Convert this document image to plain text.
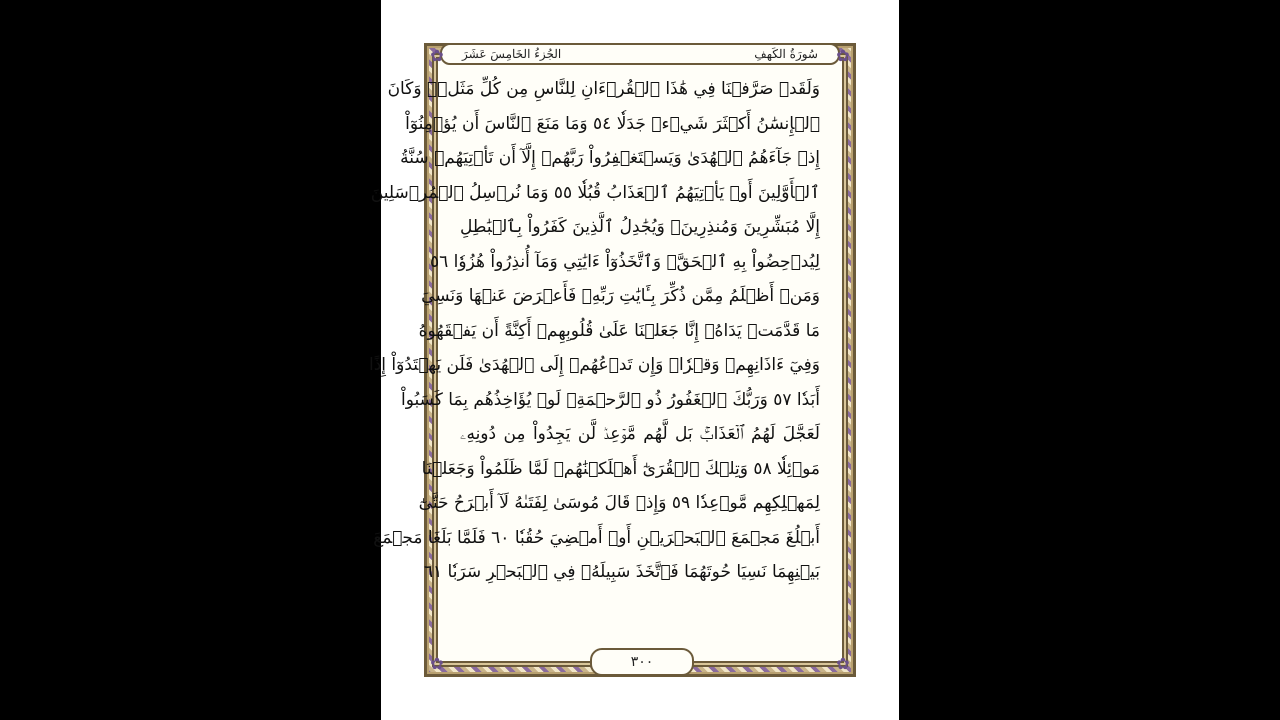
سُورَةُ الكَهفِ
الجُزءُ الخَامِسَ عَشَرَ
وَلَقَدۡ صَرَّفۡنَا فِي هَٰذَا ٱلۡقُرۡءَانِ لِلنَّاسِ مِن كُلِّ مَثَلٖۚ وَكَانَ
ٱلۡإِنسَٰنُ أَكۡثَرَ شَيۡءٖ جَدَلٗا ٥٤ وَمَا مَنَعَ ٱلنَّاسَ أَن يُؤۡمِنُوٓاْ
إِذۡ جَآءَهُمُ ٱلۡهُدَىٰ وَيَسۡتَغۡفِرُواْ رَبَّهُمۡ إِلَّآ أَن تَأۡتِيَهُمۡ سُنَّةُ
ٱلۡأَوَّلِينَ أَوۡ يَأۡتِيَهُمُ ٱلۡعَذَابُ قُبُلٗا ٥٥ وَمَا نُرۡسِلُ ٱلۡمُرۡسَلِينَ
إِلَّا مُبَشِّرِينَ وَمُنذِرِينَۚ وَيُجَٰدِلُ ٱلَّذِينَ كَفَرُواْ بِٱلۡبَٰطِلِ
لِيُدۡحِضُواْ بِهِ ٱلۡحَقَّۖ وَٱتَّخَذُوٓاْ ءَايَٰتِي وَمَآ أُنذِرُواْ هُزُوٗا ٥٦
وَمَنۡ أَظۡلَمُ مِمَّن ذُكِّرَ بِـَٔايَٰتِ رَبِّهِۦ فَأَعۡرَضَ عَنۡهَا وَنَسِيَ
مَا قَدَّمَتۡ يَدَاهُۚ إِنَّا جَعَلۡنَا عَلَىٰ قُلُوبِهِمۡ أَكِنَّةً أَن يَفۡقَهُوهُ
وَفِيٓ ءَاذَانِهِمۡ وَقۡرٗاۖ وَإِن تَدۡعُهُمۡ إِلَى ٱلۡهُدَىٰ فَلَن يَهۡتَدُوٓاْ إِذًا
أَبَدٗا ٥٧ وَرَبُّكَ ٱلۡغَفُورُ ذُو ٱلرَّحۡمَةِۖ لَوۡ يُؤَاخِذُهُم بِمَا كَسَبُواْ
لَعَجَّلَ لَهُمُ ٱلۡعَذَابَۚ بَل لَّهُم مَّوۡعِدٞ لَّن يَجِدُواْ مِن دُونِهِۦ
مَوۡئِلٗا ٥٨ وَتِلۡكَ ٱلۡقُرَىٰٓ أَهۡلَكۡنَٰهُمۡ لَمَّا ظَلَمُواْ وَجَعَلۡنَا
لِمَهۡلِكِهِم مَّوۡعِدٗا ٥٩ وَإِذۡ قَالَ مُوسَىٰ لِفَتَىٰهُ لَآ أَبۡرَحُ حَتَّىٰٓ
أَبۡلُغَ مَجۡمَعَ ٱلۡبَحۡرَيۡنِ أَوۡ أَمۡضِيَ حُقُبٗا ٦٠ فَلَمَّا بَلَغَا مَجۡمَعَ
بَيۡنِهِمَا نَسِيَا حُوتَهُمَا فَٱتَّخَذَ سَبِيلَهُۥ فِي ٱلۡبَحۡرِ سَرَبٗا ٦١
٣٠٠
✿	✿
✿	✿
